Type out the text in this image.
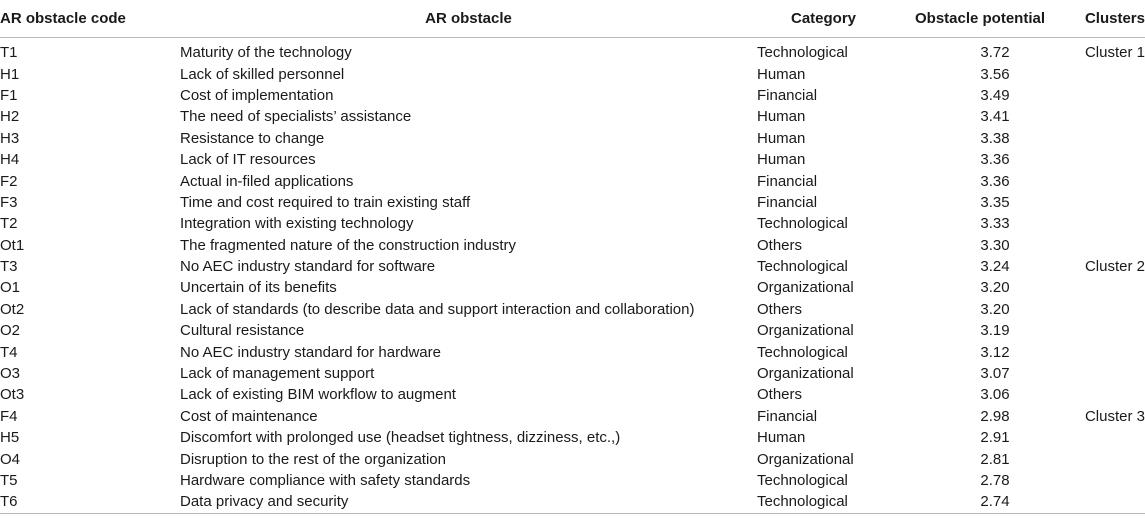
AR obstacle code	AR obstacle	Category	Obstacle potential	Clusters
T1	Maturity of the technology	Technological	3.72	Cluster 1
H1	Lack of skilled personnel	Human	3.56	
F1	Cost of implementation	Financial	3.49	
H2	The need of specialists’ assistance	Human	3.41	
H3	Resistance to change	Human	3.38	
H4	Lack of IT resources	Human	3.36	
F2	Actual in-filed applications	Financial	3.36	
F3	Time and cost required to train existing staff	Financial	3.35	
T2	Integration with existing technology	Technological	3.33	
Ot1	The fragmented nature of the construction industry	Others	3.30	
T3	No AEC industry standard for software	Technological	3.24	Cluster 2
O1	Uncertain of its benefits	Organizational	3.20	
Ot2	Lack of standards (to describe data and support interaction and collaboration)	Others	3.20	
O2	Cultural resistance	Organizational	3.19	
T4	No AEC industry standard for hardware	Technological	3.12	
O3	Lack of management support	Organizational	3.07	
Ot3	Lack of existing BIM workflow to augment	Others	3.06	
F4	Cost of maintenance	Financial	2.98	Cluster 3
H5	Discomfort with prolonged use (headset tightness, dizziness, etc.,)	Human	2.91	
O4	Disruption to the rest of the organization	Organizational	2.81	
T5	Hardware compliance with safety standards	Technological	2.78	
T6	Data privacy and security	Technological	2.74	
